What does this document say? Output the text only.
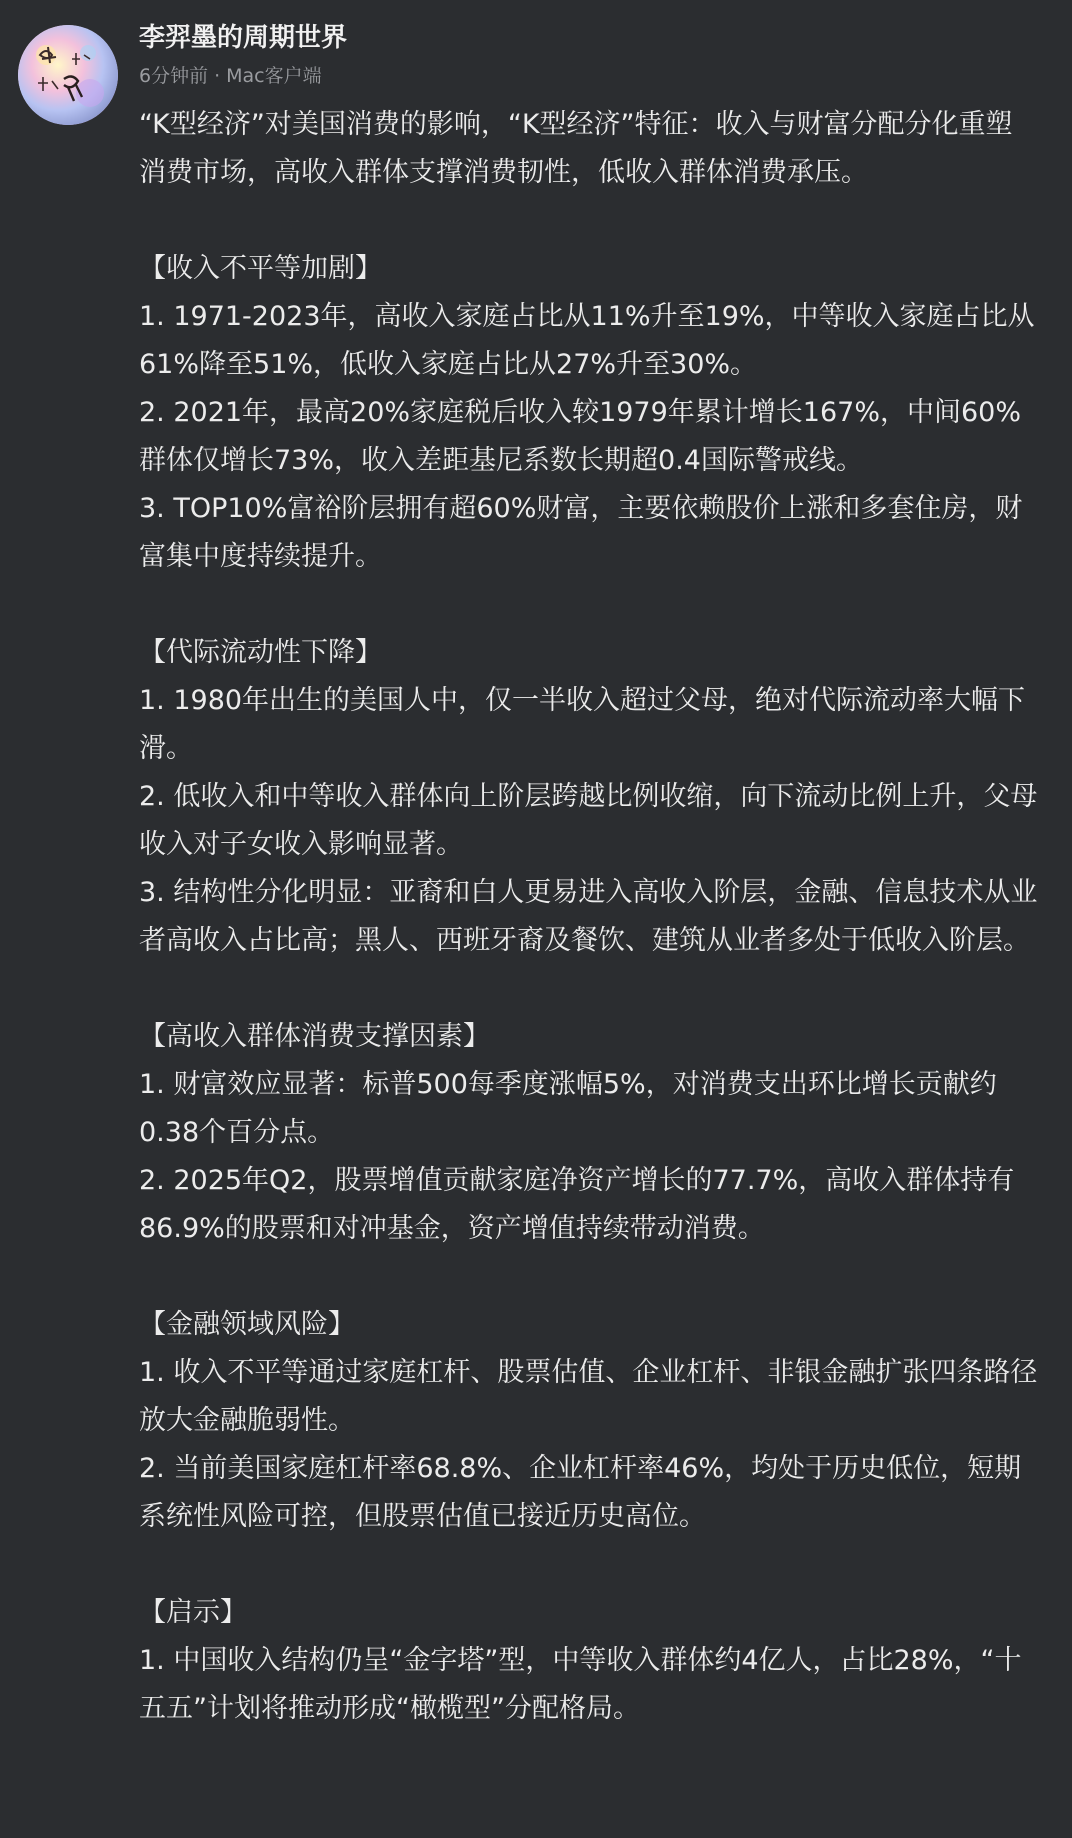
李羿墨的周期世界
6分钟前 · Mac客户端

“K型经济”对美国消费的影响，“K型经济”特征：收入与财富分配分化重塑消费市场，高收入群体支撑消费韧性，低收入群体消费承压。

【收入不平等加剧】

1. 1971-2023年，高收入家庭占比从11%升至19%，中等收入家庭占比从61%降至51%，低收入家庭占比从27%升至30%。

2. 2021年，最高20%家庭税后收入较1979年累计增长167%，中间60%群体仅增长73%，收入差距基尼系数长期超0.4国际警戒线。

3. TOP10%富裕阶层拥有超60%财富，主要依赖股价上涨和多套住房，财富集中度持续提升。

【代际流动性下降】

1. 1980年出生的美国人中，仅一半收入超过父母，绝对代际流动率大幅下滑。

2. 低收入和中等收入群体向上阶层跨越比例收缩，向下流动比例上升，父母收入对子女收入影响显著。

3. 结构性分化明显：亚裔和白人更易进入高收入阶层，金融、信息技术从业者高收入占比高；黑人、西班牙裔及餐饮、建筑从业者多处于低收入阶层。

【高收入群体消费支撑因素】

1. 财富效应显著：标普500每季度涨幅5%，对消费支出环比增长贡献约0.38个百分点。

2. 2025年Q2，股票增值贡献家庭净资产增长的77.7%，高收入群体持有86.9%的股票和对冲基金，资产增值持续带动消费。

【金融领域风险】

1. 收入不平等通过家庭杠杆、股票估值、企业杠杆、非银金融扩张四条路径放大金融脆弱性。

2. 当前美国家庭杠杆率68.8%、企业杠杆率46%，均处于历史低位，短期系统性风险可控，但股票估值已接近历史高位。

【启示】

1. 中国收入结构仍呈“金字塔”型，中等收入群体约4亿人，占比28%，“十五五”计划将推动形成“橄榄型”分配格局。
